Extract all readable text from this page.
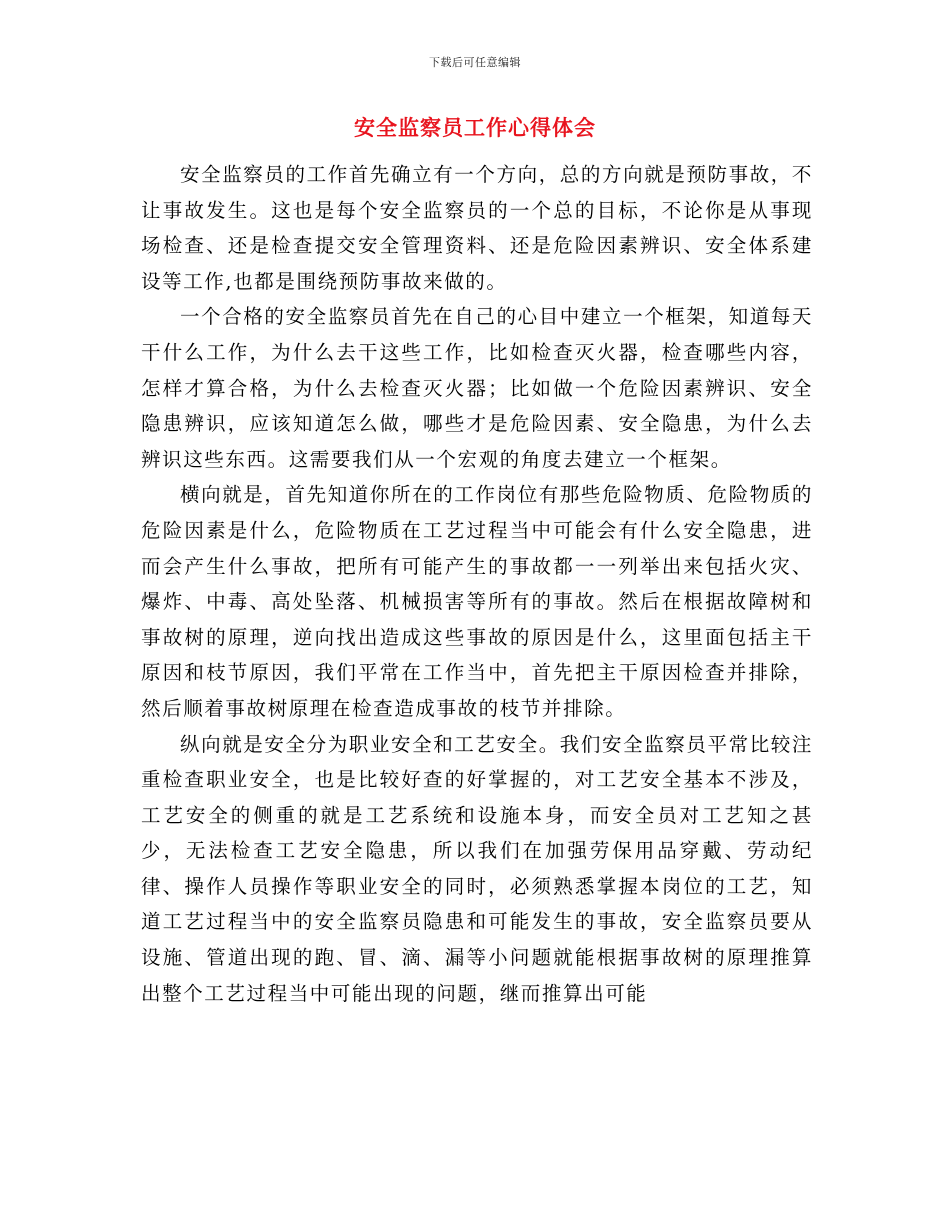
下载后可任意编辑
安全监察员工作心得体会

安全监察员的工作首先确立有一个方向，总的方向就是预防事故，不让事故发生。这也是每个安全监察员的一个总的目标，不论你是从事现场检查、还是检查提交安全管理资料、还是危险因素辨识、安全体系建设等工作,也都是围绕预防事故来做的。

一个合格的安全监察员首先在自己的心目中建立一个框架，知道每天干什么工作，为什么去干这些工作，比如检查灭火器，检查哪些内容，怎样才算合格，为什么去检查灭火器；比如做一个危险因素辨识、安全隐患辨识，应该知道怎么做，哪些才是危险因素、安全隐患，为什么去辨识这些东西。这需要我们从一个宏观的角度去建立一个框架。

横向就是，首先知道你所在的工作岗位有那些危险物质、危险物质的危险因素是什么，危险物质在工艺过程当中可能会有什么安全隐患，进而会产生什么事故，把所有可能产生的事故都一一列举出来包括火灾、爆炸、中毒、高处坠落、机械损害等所有的事故。然后在根据故障树和事故树的原理，逆向找出造成这些事故的原因是什么，这里面包括主干原因和枝节原因，我们平常在工作当中，首先把主干原因检查并排除，然后顺着事故树原理在检查造成事故的枝节并排除。

纵向就是安全分为职业安全和工艺安全。我们安全监察员平常比较注重检查职业安全，也是比较好查的好掌握的，对工艺安全基本不涉及，工艺安全的侧重的就是工艺系统和设施本身，而安全员对工艺知之甚少，无法检查工艺安全隐患，所以我们在加强劳保用品穿戴、劳动纪律、操作人员操作等职业安全的同时，必须熟悉掌握本岗位的工艺，知道工艺过程当中的安全监察员隐患和可能发生的事故，安全监察员要从设施、管道出现的跑、冒、滴、漏等小问题就能根据事故树的原理推算出整个工艺过程当中可能出现的问题，继而推算出可能
